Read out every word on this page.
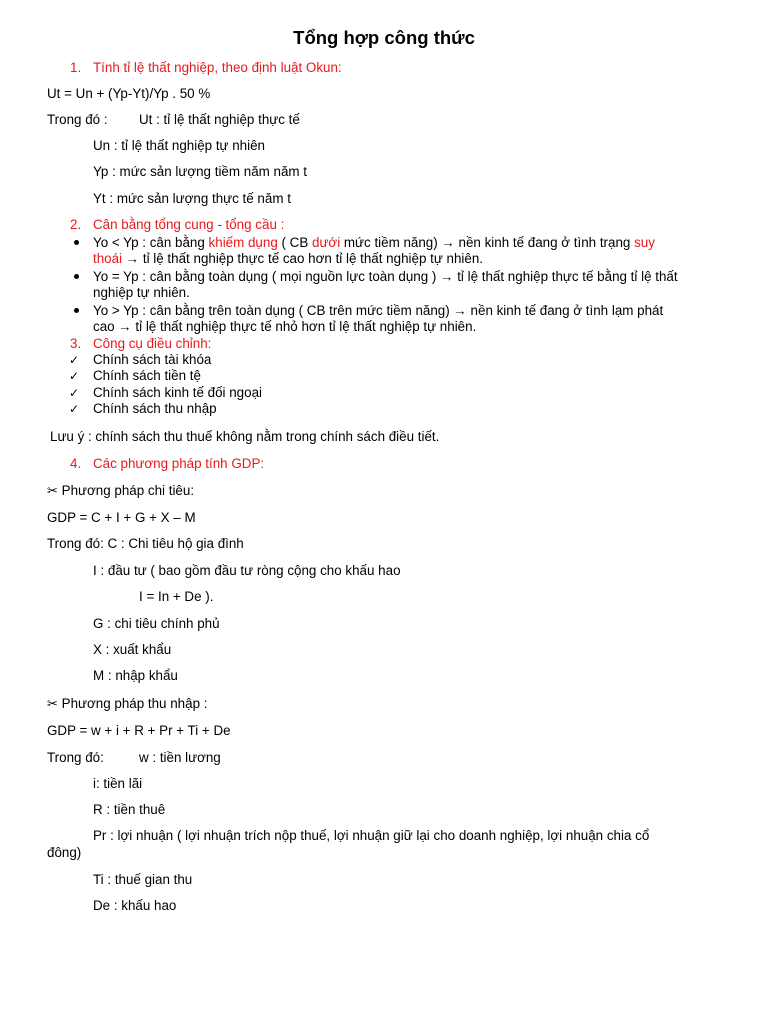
Tổng hợp công thức
1. Tính tỉ lệ thất nghiệp, theo định luật Okun:
Ut = Un + (Yp-Yt)/Yp . 50 %
Trong đó : Ut : tỉ lệ thất nghiệp thực tế
Un : tỉ lệ thất nghiệp tự nhiên
Yp : mức sản lượng tiềm năm năm t
Yt : mức sản lượng thực tế năm t
2. Cân bằng tổng cung - tổng cầu :
Yo < Yp : cân bằng khiếm dụng ( CB dưới mức tiềm năng) → nền kinh tế đang ở tình trạng suy
thoái → tỉ lệ thất nghiệp thực tế cao hơn tỉ lệ thất nghiệp tự nhiên.
Yo = Yp : cân bằng toàn dụng ( mọi nguồn lực toàn dụng ) → tỉ lệ thất nghiệp thực tế bằng tỉ lệ thất
nghiệp tự nhiên.
Yo > Yp : cân bằng trên toàn dụng ( CB trên mức tiềm năng) → nền kinh tế đang ở tình lạm phát
cao → tỉ lệ thất nghiệp thực tế nhỏ hơn tỉ lệ thất nghiệp tự nhiên.
3. Công cụ điều chỉnh:
✓ Chính sách tài khóa
✓ Chính sách tiền tệ
✓ Chính sách kinh tế đối ngoại
✓ Chính sách thu nhập
Lưu ý : chính sách thu thuế không nằm trong chính sách điều tiết.
4. Các phương pháp tính GDP:
✂ Phương pháp chi tiêu:
GDP = C + I + G + X – M
Trong đó: C : Chi tiêu hộ gia đình
I : đầu tư ( bao gồm đầu tư ròng cộng cho khấu hao
I = In + De ).
G : chi tiêu chính phủ
X : xuất khẩu
M : nhập khẩu
✂ Phương pháp thu nhập :
GDP = w + i + R + Pr + Ti + De
Trong đó:	w : tiền lương
i: tiền lãi
R : tiền thuê
Pr : lợi nhuận ( lợi nhuận trích nộp thuế, lợi nhuận giữ lại cho doanh nghiệp, lợi nhuận chia cổ
đông)
Ti : thuế gian thu
De : khấu hao
